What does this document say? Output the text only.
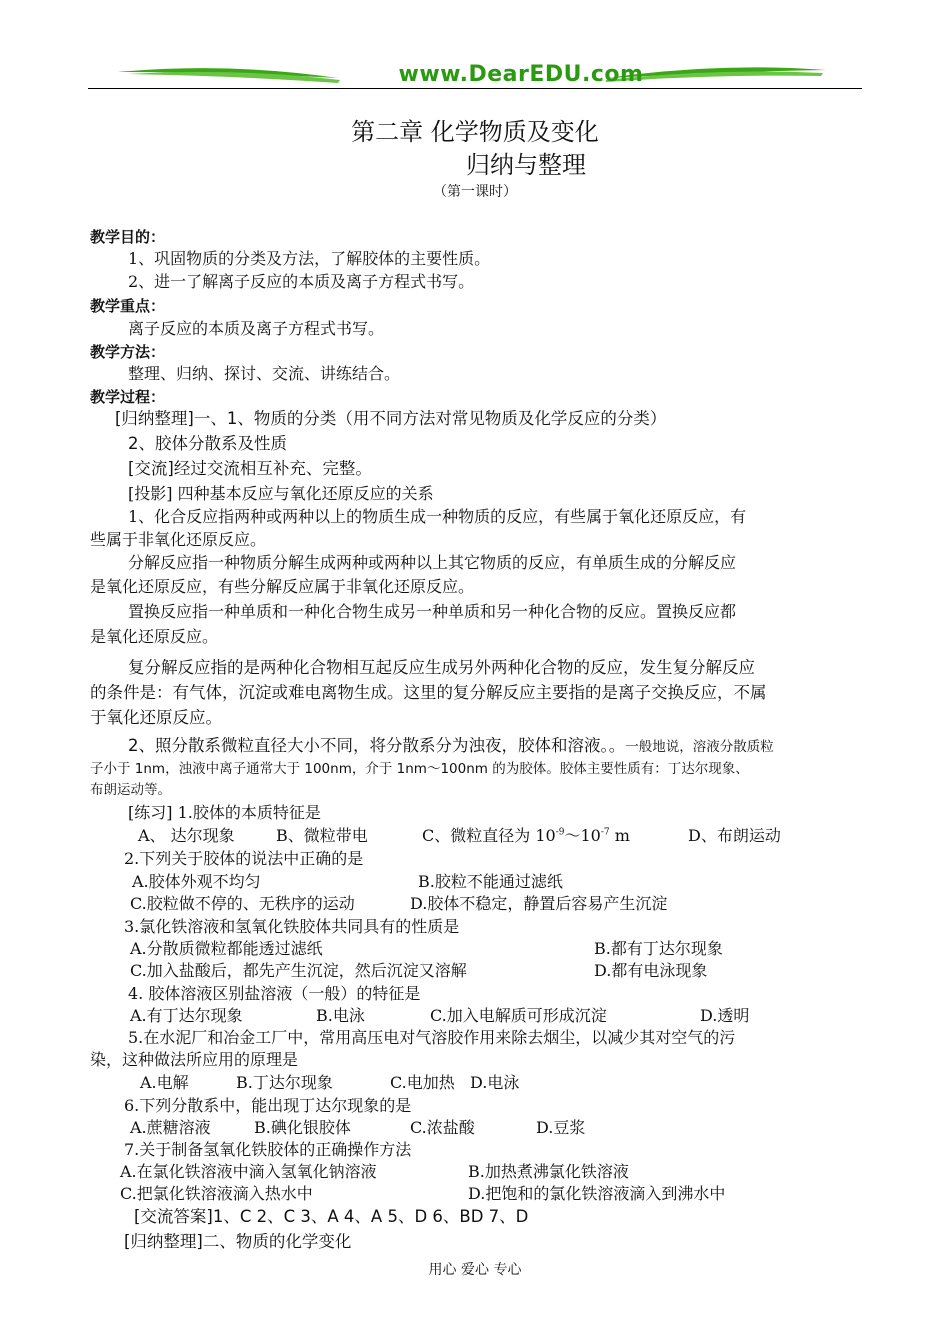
www.DearEDU.com
第二章 化学物质及变化
归纳与整理
（第一课时）
教学目的：
1、巩固物质的分类及方法，了解胶体的主要性质。
2、进一了解离子反应的本质及离子方程式书写。
教学重点：
离子反应的本质及离子方程式书写。
教学方法：
整理、归纳、探讨、交流、讲练结合。
教学过程：
[归纳整理]一、1、物质的分类（用不同方法对常见物质及化学反应的分类）
2、胶体分散系及性质
[交流]经过交流相互补充、完整。
[投影] 四种基本反应与氧化还原反应的关系
1、化合反应指两种或两种以上的物质生成一种物质的反应，有些属于氧化还原反应，有
些属于非氧化还原反应。
分解反应指一种物质分解生成两种或两种以上其它物质的反应，有单质生成的分解反应
是氧化还原反应，有些分解反应属于非氧化还原反应。
置换反应指一种单质和一种化合物生成另一种单质和另一种化合物的反应。置换反应都
是氧化还原反应。
复分解反应指的是两种化合物相互起反应生成另外两种化合物的反应，发生复分解反应
的条件是：有气体，沉淀或难电离物生成。这里的复分解反应主要指的是离子交换反应，不属
于氧化还原反应。
2、照分散系微粒直径大小不同，将分散系分为浊夜，胶体和溶液。。一般地说，溶液分散质粒
子小于 1nm，浊液中离子通常大于 100nm，介于 1nm～100nm 的为胶体。胶体主要性质有：丁达尔现象、
布朗运动等。
[练习] 1.胶体的本质特征是
A、 达尔现象	B、微粒带电	C、微粒直径为 $10^{-9}\sim 10^{-7}$ m	D、布朗运动
2.下列关于胶体的说法中正确的是
A.胶体外观不均匀	B.胶粒不能通过滤纸
C.胶粒做不停的、无秩序的运动	D.胶体不稳定，静置后容易产生沉淀
3.氯化铁溶液和氢氧化铁胶体共同具有的性质是
A.分散质微粒都能透过滤纸	B.都有丁达尔现象
C.加入盐酸后，都先产生沉淀，然后沉淀又溶解	D.都有电泳现象
4. 胶体溶液区别盐溶液（一般）的特征是
A.有丁达尔现象	B.电泳	C.加入电解质可形成沉淀	D.透明
5.在水泥厂和冶金工厂中，常用高压电对气溶胶作用来除去烟尘，以减少其对空气的污
染，这种做法所应用的原理是
A.电解	B.丁达尔现象	C.电加热 D.电泳
6.下列分散系中，能出现丁达尔现象的是
A.蔗糖溶液	B.碘化银胶体	C.浓盐酸	D.豆浆
7.关于制备氢氧化铁胶体的正确操作方法
A.在氯化铁溶液中滴入氢氧化钠溶液	B.加热煮沸氯化铁溶液
C.把氯化铁溶液滴入热水中	D.把饱和的氯化铁溶液滴入到沸水中
[交流答案]1、C 2、C 3、A 4、A 5、D 6、BD 7、D
[归纳整理]二、物质的化学变化
用心 爱心 专心
